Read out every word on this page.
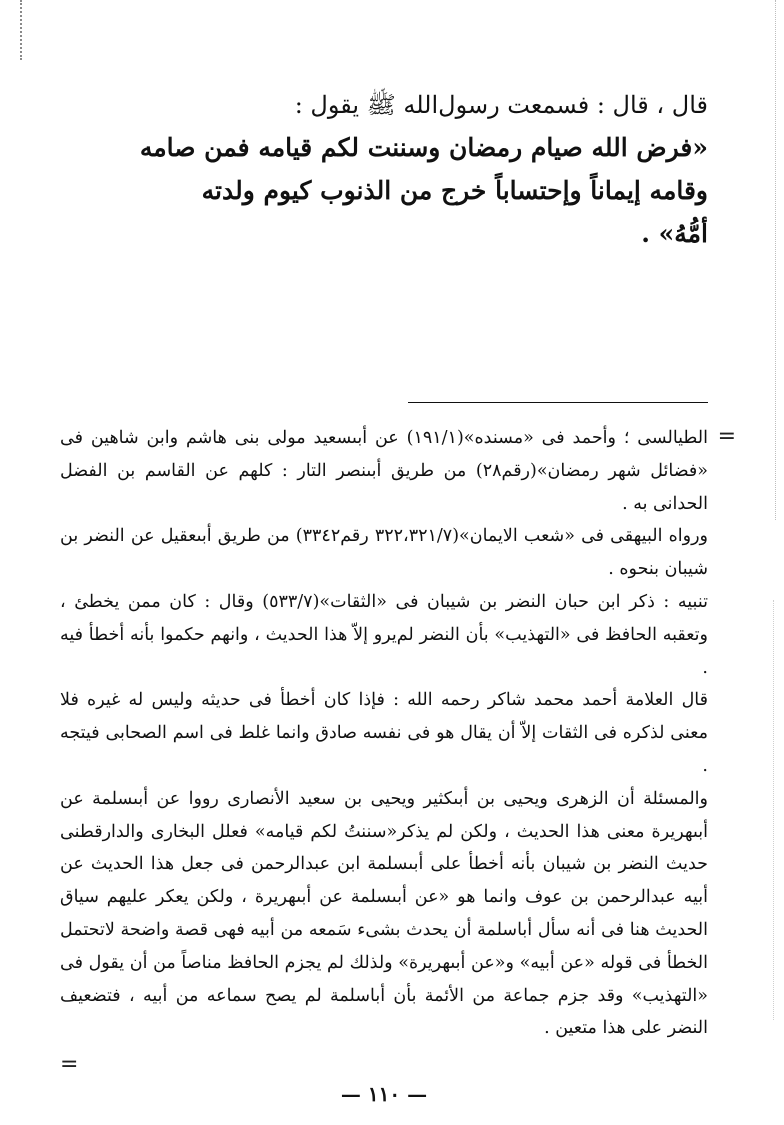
=
=

قال ، قال : فسمعت رسول‌الله ﷺ يقول :

«فرض الله صيام رمضان وسننت لكم قيامه فمن صامه

وقامه إيماناً وإحتساباً خرج من الذنوب كيوم ولدته

أمُّهُ» .

الطيالسى ؛ وأحمد فى «مسنده»(١٩١/١) عن أبىسعيد مولى بنى هاشم وابن شاهين فى «فضائل شهر رمضان»(رقم٢٨) من طريق أبىنصر التار : كلهم عن القاسم بن الفضل الحدانى به .

ورواه البيهقى فى «شعب الايمان»(٣٢٢،٣٢١/٧ رقم٣٣٤٢) من طريق أبىعقيل عن النضر بن شيبان بنحوه .

تنبيه : ذكر ابن حبان النضر بن شيبان فى «الثقات»(٥٣٣/٧) وقال : كان ممن يخطئ ، وتعقبه الحافظ فى «التهذيب» بأن النضر لم‌يرو إلاّ هذا الحديث ، وانهم حكموا بأنه أخطأ فيه .

قال العلامة أحمد محمد شاكر رحمه الله : فإذا كان أخطأ فى حديثه وليس له غيره فلا معنى لذكره فى الثقات إلاّ أن يقال هو فى نفسه صادق وانما غلط فى اسم الصحابى فيتجه .

والمسئلة أن الزهرى ويحيى بن أبىكثير ويحيى بن سعيد الأنصارى رووا عن أبىسلمة عن أبىهريرة معنى هذا الحديث ، ولكن لم يذكر«سننتُ لكم قيامه» فعلل البخارى والدارقطنى حديث النضر بن شيبان بأنه أخطأ على أبىسلمة ابن عبدالرحمن فى جعل هذا الحديث عن أبيه عبدالرحمن بن عوف وانما هو «عن أبىسلمة عن أبىهريرة ، ولكن يعكر عليهم سياق الحديث هنا فى أنه سأل أباسلمة أن يحدث بشىء سَمعه من أبيه فهى قصة واضحة لاتحتمل الخطأ فى قوله «عن أبيه» و«عن أبىهريرة» ولذلك لم يجزم الحافظ مناصاً من أن يقول فى «التهذيب» وقد جزم جماعة من الأئمة بأن أباسلمة لم يصح سماعه من أبيه ، فتضعيف النضر على هذا متعين .

— ١١٠ —
